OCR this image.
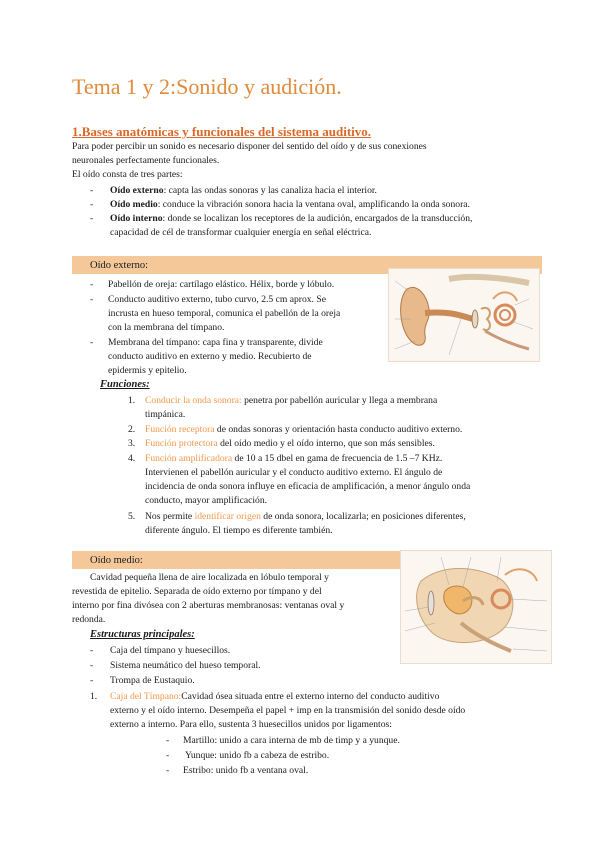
Tema 1 y 2:Sonido y audición.
1.Bases anatómicas y funcionales del sistema auditivo.
Para poder percibir un sonido es necesario disponer del sentido del oído y de sus conexiones
neuronales perfectamente funcionales.
El oído consta de tres partes:
- Oído externo: capta las ondas sonoras y las canaliza hacia el interior.
- Oído medio: conduce la vibración sonora hacia la ventana oval, amplificando la onda sonora.
- Oído interno: donde se localizan los receptores de la audición, encargados de la transducción,
capacidad de cél de transformar cualquier energía en señal eléctrica.
Oído externo:
- Pabellón de oreja: cartílago elástico. Hélix, borde y lóbulo.
- Conducto auditivo externo, tubo curvo, 2.5 cm aprox. Se
incrusta en hueso temporal, comunica el pabellón de la oreja
con la membrana del tímpano.
- Membrana del tímpano: capa fina y transparente, divide
conducto auditivo en externo y medio. Recubierto de
epidermis y epitelio.
Funciones:
1. Conducir la onda sonora: penetra por pabellón auricular y llega a membrana
timpánica.
2. Función receptora de ondas sonoras y orientación hasta conducto auditivo externo.
3. Función protectora del oído medio y el oído interno, que son más sensibles.
4. Función amplificadora de 10 a 15 dbel en gama de frecuencia de 1.5 –7 KHz.
Intervienen el pabellón auricular y el conducto auditivo externo. El ángulo de
incidencia de onda sonora influye en eficacia de amplificación, a menor ángulo onda
conducto, mayor amplificación.
5. Nos permite identificar origen de onda sonora, localizarla; en posiciones diferentes,
diferente ángulo. El tiempo es diferente también.
Oído medio:
Cavidad pequeña llena de aire localizada en lóbulo temporal y
revestida de epitelio. Separada de oído externo por tímpano y del
interno por fina divósea con 2 aberturas membranosas: ventanas oval y
redonda.
Estructuras principales:
- Caja del tímpano y huesecillos.
- Sistema neumático del hueso temporal.
- Trompa de Eustaquio.
1. Caja del Tímpano:Cavidad ósea situada entre el externo interno del conducto auditivo
externo y el oído interno. Desempeña el papel + imp en la transmisión del sonido desde oído
externo a interno. Para ello, sustenta 3 huesecillos unidos por ligamentos:
- Martillo: unido a cara interna de mb de timp y a yunque.
- Yunque: unido fb a cabeza de estribo.
- Estribo: unido fb a ventana oval.
